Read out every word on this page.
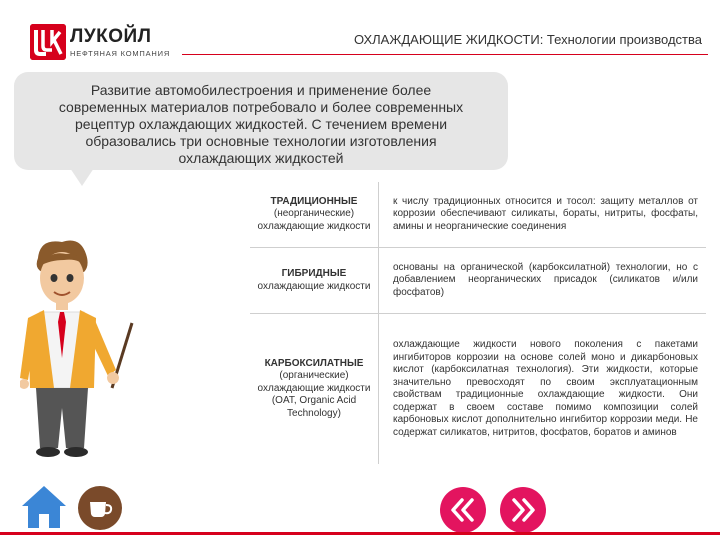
ЛУКОЙЛ
НЕФТЯНАЯ КОМПАНИЯ
ОХЛАЖДАЮЩИЕ ЖИДКОСТИ: Технологии производства
Развитие автомобилестроения и применение более
современных материалов потребовало и более современных
рецептур охлаждающих жидкостей. С течением времени
образовались три основные технологии изготовления
охлаждающих жидкостей
ТРАДИЦИОННЫЕ
(неорганические) охлаждающие жидкости
к числу традиционных относится и тосол: защиту металлов от коррозии обеспечивают силикаты, бораты, нитриты, фосфаты, амины и неорганические соединения
ГИБРИДНЫЕ
охлаждающие жидкости
основаны на органической (карбоксилатной) технологии, но с добавлением неорганических присадок (силикатов и/или фосфатов)
КАРБОКСИЛАТНЫЕ
(органические) охлаждающие жидкости (OAT, Organic Acid Technology)
охлаждающие жидкости нового поколения с пакетами ингибиторов коррозии на основе солей моно и дикарбоновых кислот (карбоксилатная технология). Эти жидкости, которые значительно превосходят по своим эксплуатационным свойствам традиционные охлаждающие жидкости. Они содержат в своем составе помимо композиции солей карбоновых кислот дополнительно ингибитор коррозии меди. Не содержат силикатов, нитритов, фосфатов, боратов и аминов
